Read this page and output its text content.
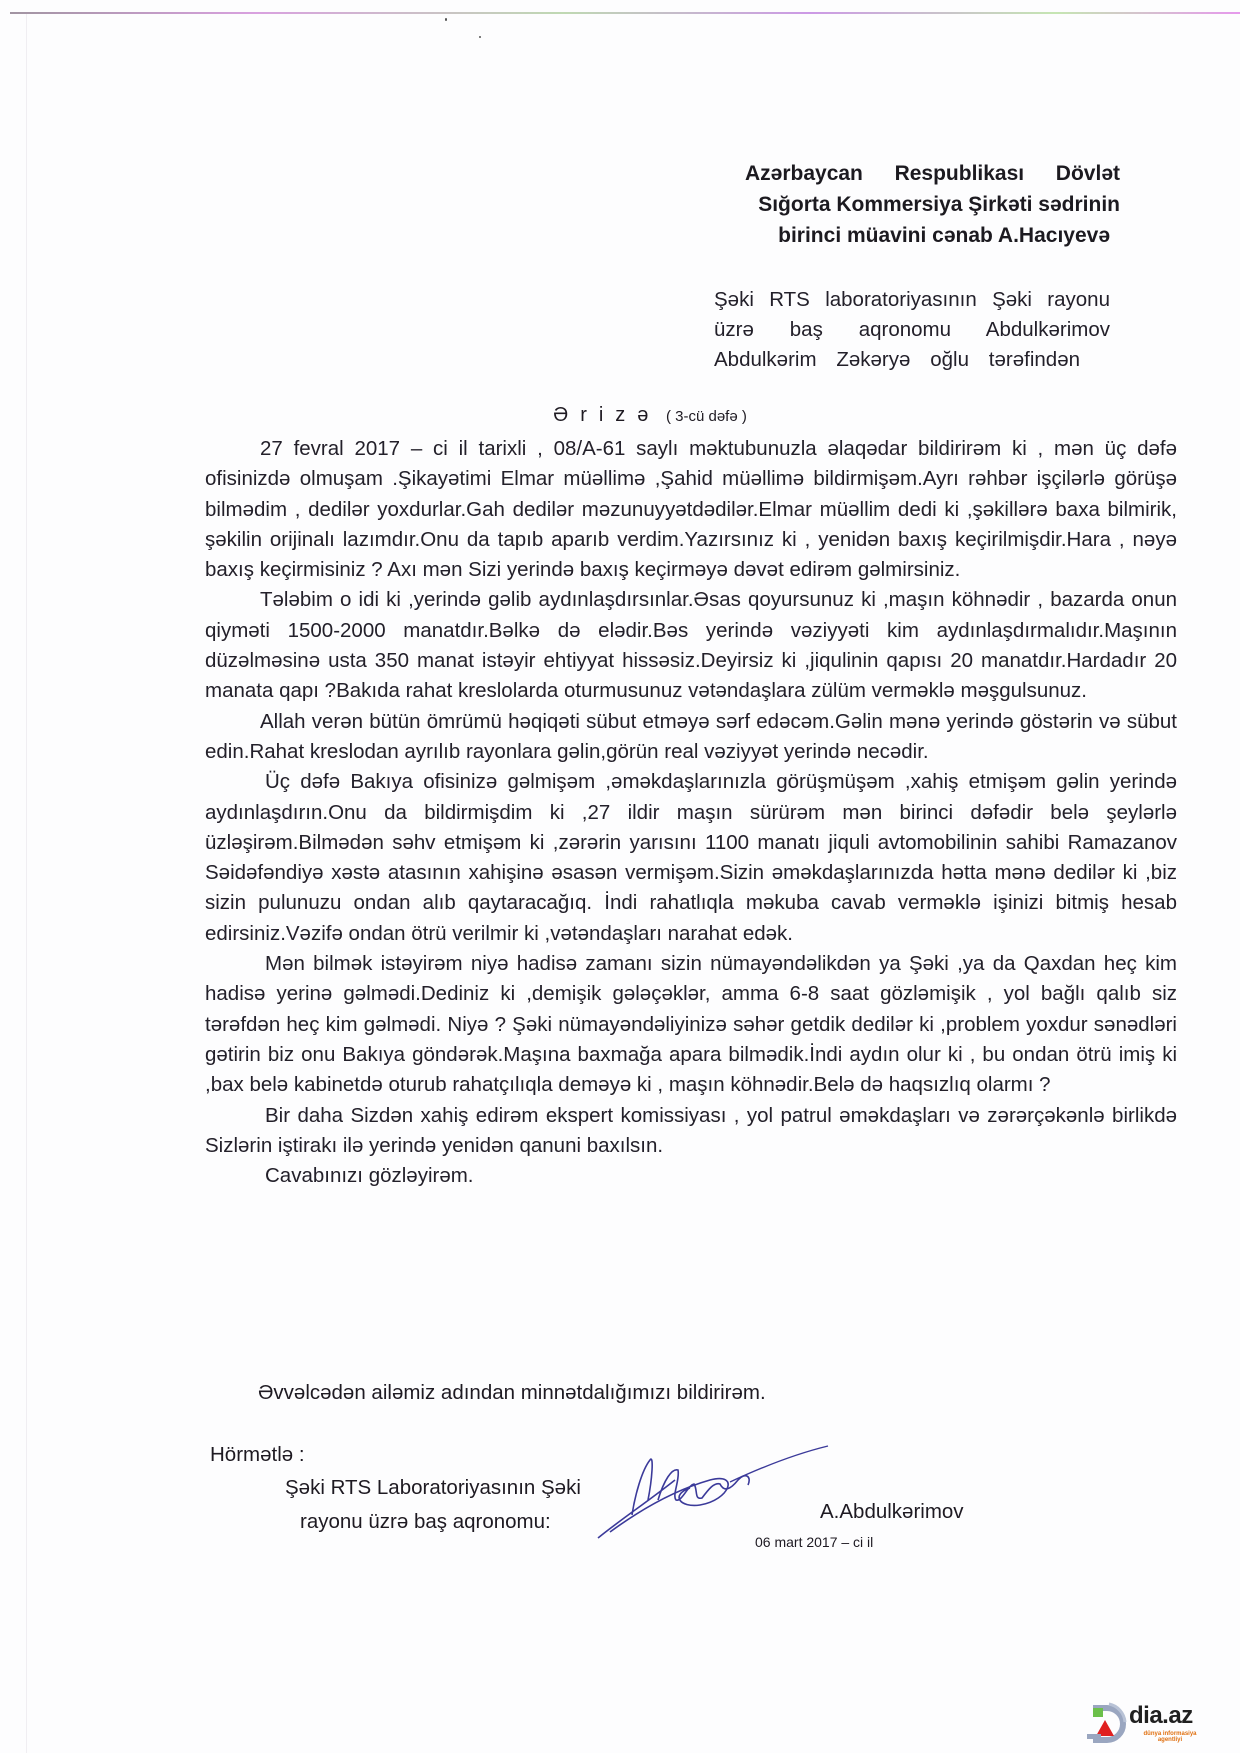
Azərbaycan Respublikası Dövlət
Sığorta Kommersiya Şirkəti sədrinin
birinci müavini cənab A.Hacıyevə
Şəki RTS laboratoriyasının Şəki rayonu
üzrə baş aqronomu Abdulkərimov
Abdulkərim Zəkəryə oğlu tərəfindən
Ərizə ( 3-cü dəfə )

27 fevral 2017 – ci il tarixli , 08/A-61 saylı məktubunuzla əlaqədar bildirirəm ki , mən üç dəfə ofisinizdə olmuşam .Şikayətimi Elmar müəllimə ,Şahid müəllimə bildirmişəm.Ayrı rəhbər işçilərlə görüşə bilmədim , dedilər yoxdurlar.Gah dedilər məzunuyyətdədilər.Elmar müəllim dedi ki ,şəkillərə baxa bilmirik, şəkilin orijinalı lazımdır.Onu da tapıb aparıb verdim.Yazırsınız ki , yenidən baxış keçirilmişdir.Hara , nəyə baxış keçirmisiniz ? Axı mən Sizi yerində baxış keçirməyə dəvət edirəm gəlmirsiniz.

Tələbim o idi ki ,yerində gəlib aydınlaşdırsınlar.Əsas qoyursunuz ki ,maşın köhnədir , bazarda onun qiyməti 1500-2000 manatdır.Bəlkə də elədir.Bəs yerində vəziyyəti kim aydınlaşdırmalıdır.Maşının düzəlməsinə usta 350 manat istəyir ehtiyyat hissəsiz.Deyirsiz ki ,jiqulinin qapısı 20 manatdır.Hardadır 20 manata qapı ?Bakıda rahat kreslolarda oturmusunuz vətəndaşlara zülüm verməklə məşgulsunuz.

Allah verən bütün ömrümü həqiqəti sübut etməyə sərf edəcəm.Gəlin mənə yerində göstərin və sübut edin.Rahat kreslodan ayrılıb rayonlara gəlin,görün real vəziyyət yerində necədir.

Üç dəfə Bakıya ofisinizə gəlmişəm ,əməkdaşlarınızla görüşmüşəm ,xahiş etmişəm gəlin yerində aydınlaşdırın.Onu da bildirmişdim ki ,27 ildir maşın sürürəm mən birinci dəfədir belə şeylərlə üzləşirəm.Bilmədən səhv etmişəm ki ,zərərin yarısını 1100 manatı jiquli avtomobilinin sahibi Ramazanov Səidəfəndiyə xəstə atasının xahişinə əsasən vermişəm.Sizin əməkdaşlarınızda hətta mənə dedilər ki ,biz sizin pulunuzu ondan alıb qaytaracağıq. İndi rahatlıqla məkuba cavab verməklə işinizi bitmiş hesab edirsiniz.Vəzifə ondan ötrü verilmir ki ,vətəndaşları narahat edək.

Mən bilmək istəyirəm niyə hadisə zamanı sizin nümayəndəlikdən ya Şəki ,ya da Qaxdan heç kim hadisə yerinə gəlmədi.Dediniz ki ,demişik gələçəklər, amma 6-8 saat gözləmişik , yol bağlı qalıb siz tərəfdən heç kim gəlmədi. Niyə ? Şəki nümayəndəliyinizə səhər getdik dedilər ki ,problem yoxdur sənədləri gətirin biz onu Bakıya göndərək.Maşına baxmağa apara bilmədik.İndi aydın olur ki , bu ondan ötrü imiş ki ,bax belə kabinetdə oturub rahatçılıqla deməyə ki , maşın köhnədir.Belə də haqsızlıq olarmı ?

Bir daha Sizdən xahiş edirəm ekspert komissiyası , yol patrul əməkdaşları və zərərçəkənlə birlikdə Sizlərin iştirakı ilə yerində yenidən qanuni baxılsın.

Cavabınızı gözləyirəm.

Əvvəlcədən ailəmiz adından minnətdalığımızı bildirirəm.
Hörmətlə :
Şəki RTS Laboratoriyasının Şəki
rayonu üzrə baş aqronomu:	A.Abdulkərimov
06 mart 2017 – ci il
dia.az
dünya informasiya agentliyi
